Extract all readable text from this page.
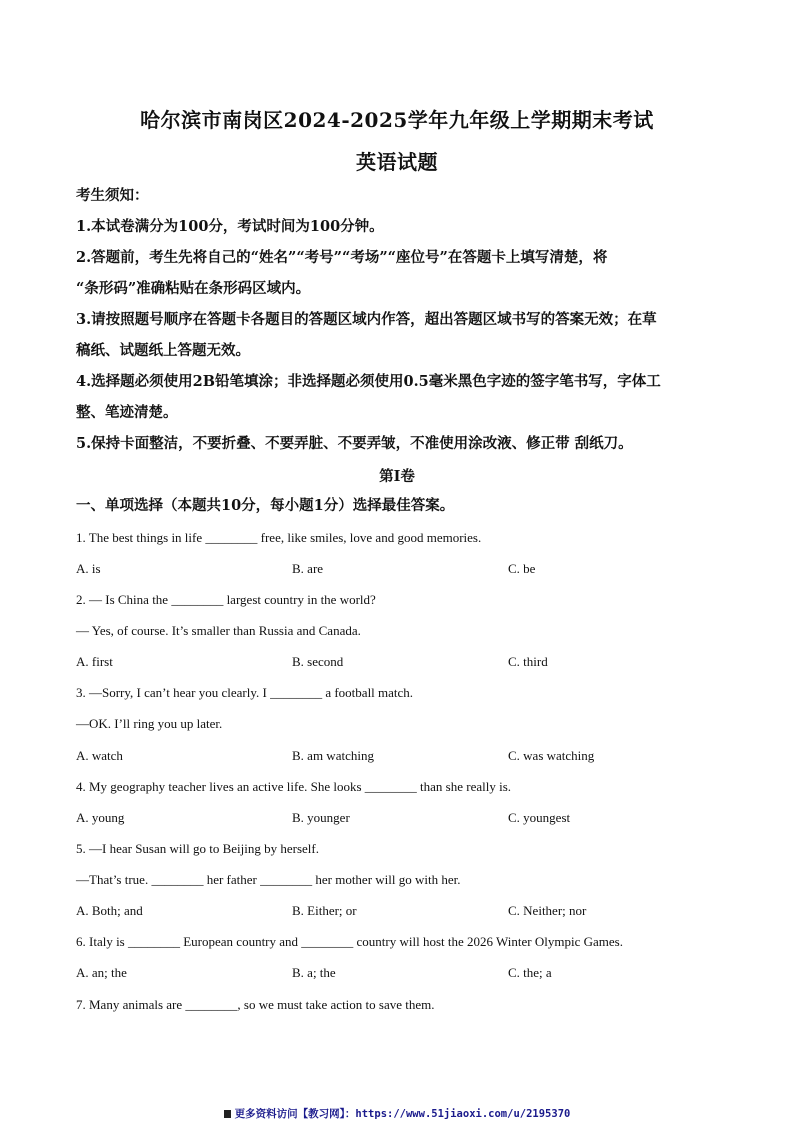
哈尔滨市南岗区2024-2025学年九年级上学期期末考试
英语试题
考生须知：
1.本试卷满分为100分，考试时间为100分钟。
2.答题前，考生先将自己的“姓名”“考号”“考场”“座位号”在答题卡上填写清楚，将
“条形码”准确粘贴在条形码区域内。
3.请按照题号顺序在答题卡各题目的答题区域内作答，超出答题区域书写的答案无效；在草
稿纸、试题纸上答题无效。
4.选择题必须使用2B铅笔填涂；非选择题必须使用0.5毫米黑色字迹的签字笔书写，字体工
整、笔迹清楚。
5.保持卡面整洁，不要折叠、不要弄脏、不要弄皱，不准使用涂改液、修正带 刮纸刀。
第Ⅰ卷
一、单项选择（本题共10分，每小题1分）选择最佳答案。
1. The best things in life ________ free, like smiles, love and good memories.
A. is	B. are	C. be
2. — Is China the ________ largest country in the world?
— Yes, of course. It’s smaller than Russia and Canada.
A. first	B. second	C. third
3. —Sorry, I can’t hear you clearly. I ________ a football match.
—OK. I’ll ring you up later.
A. watch	B. am watching	C. was watching
4. My geography teacher lives an active life. She looks ________ than she really is.
A. young	B. younger	C. youngest
5. —I hear Susan will go to Beijing by herself.
—That’s true. ________ her father ________ her mother will go with her.
A. Both; and	B. Either; or	C. Neither; nor
6. Italy is ________ European country and ________ country will host the 2026 Winter Olympic Games.
A. an; the	B. a; the	C. the; a
7. Many animals are ________, so we must take action to save them.
更多资料访问【教习网】：https://www.51jiaoxi.com/u/2195370
